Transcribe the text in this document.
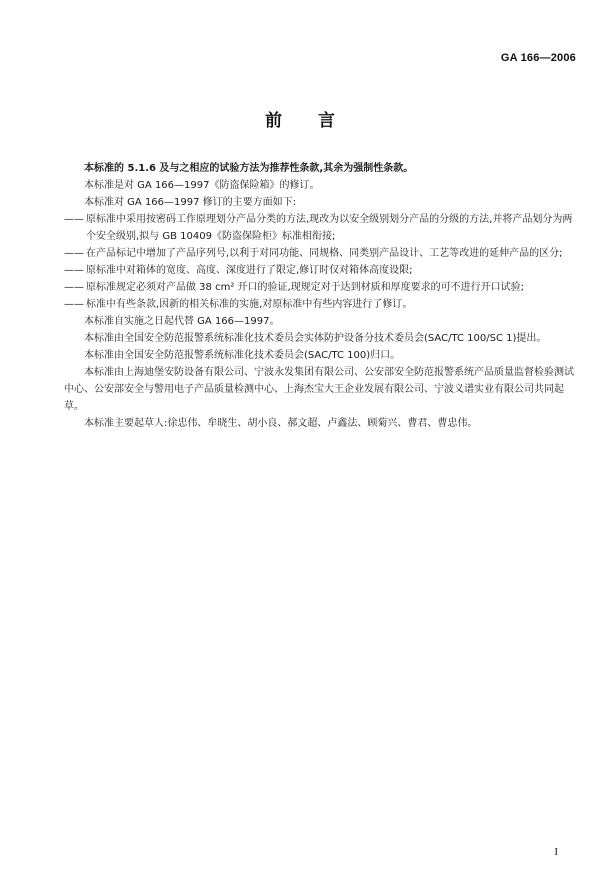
GA 166—2006
前 言

本标准的 5.1.6 及与之相应的试验方法为推荐性条款,其余为强制性条款。

本标准是对 GA 166—1997《防盗保险箱》的修订。

本标准对 GA 166—1997 修订的主要方面如下:

—— 原标准中采用按密码工作原理划分产品分类的方法,现改为以安全级别划分产品的分级的方法,并将产品划分为两个安全级别,拟与 GB 10409《防盗保险柜》标准相衔接;

—— 在产品标记中增加了产品序列号,以利于对同功能、同规格、同类别产品设计、工艺等改进的延伸产品的区分;

—— 原标准中对箱体的宽度、高度、深度进行了限定,修订时仅对箱体高度设限;

—— 原标准规定必须对产品做 38 cm² 开口的验证,现规定对于达到材质和厚度要求的可不进行开口试验;

—— 标准中有些条款,因新的相关标准的实施,对原标准中有些内容进行了修订。

本标准自实施之日起代替 GA 166—1997。

本标准由全国安全防范报警系统标准化技术委员会实体防护设备分技术委员会(SAC/TC 100/SC 1)提出。

本标准由全国安全防范报警系统标准化技术委员会(SAC/TC 100)归口。

本标准由上海迪堡安防设备有限公司、宁波永发集团有限公司、公安部安全防范报警系统产品质量监督检验测试中心、公安部安全与警用电子产品质量检测中心、上海杰宝大王企业发展有限公司、宁波义谱实业有限公司共同起草。

本标准主要起草人:徐忠伟、牟晓生、胡小良、郝文超、卢鑫法、顾菊兴、曹君、曹忠伟。

I
